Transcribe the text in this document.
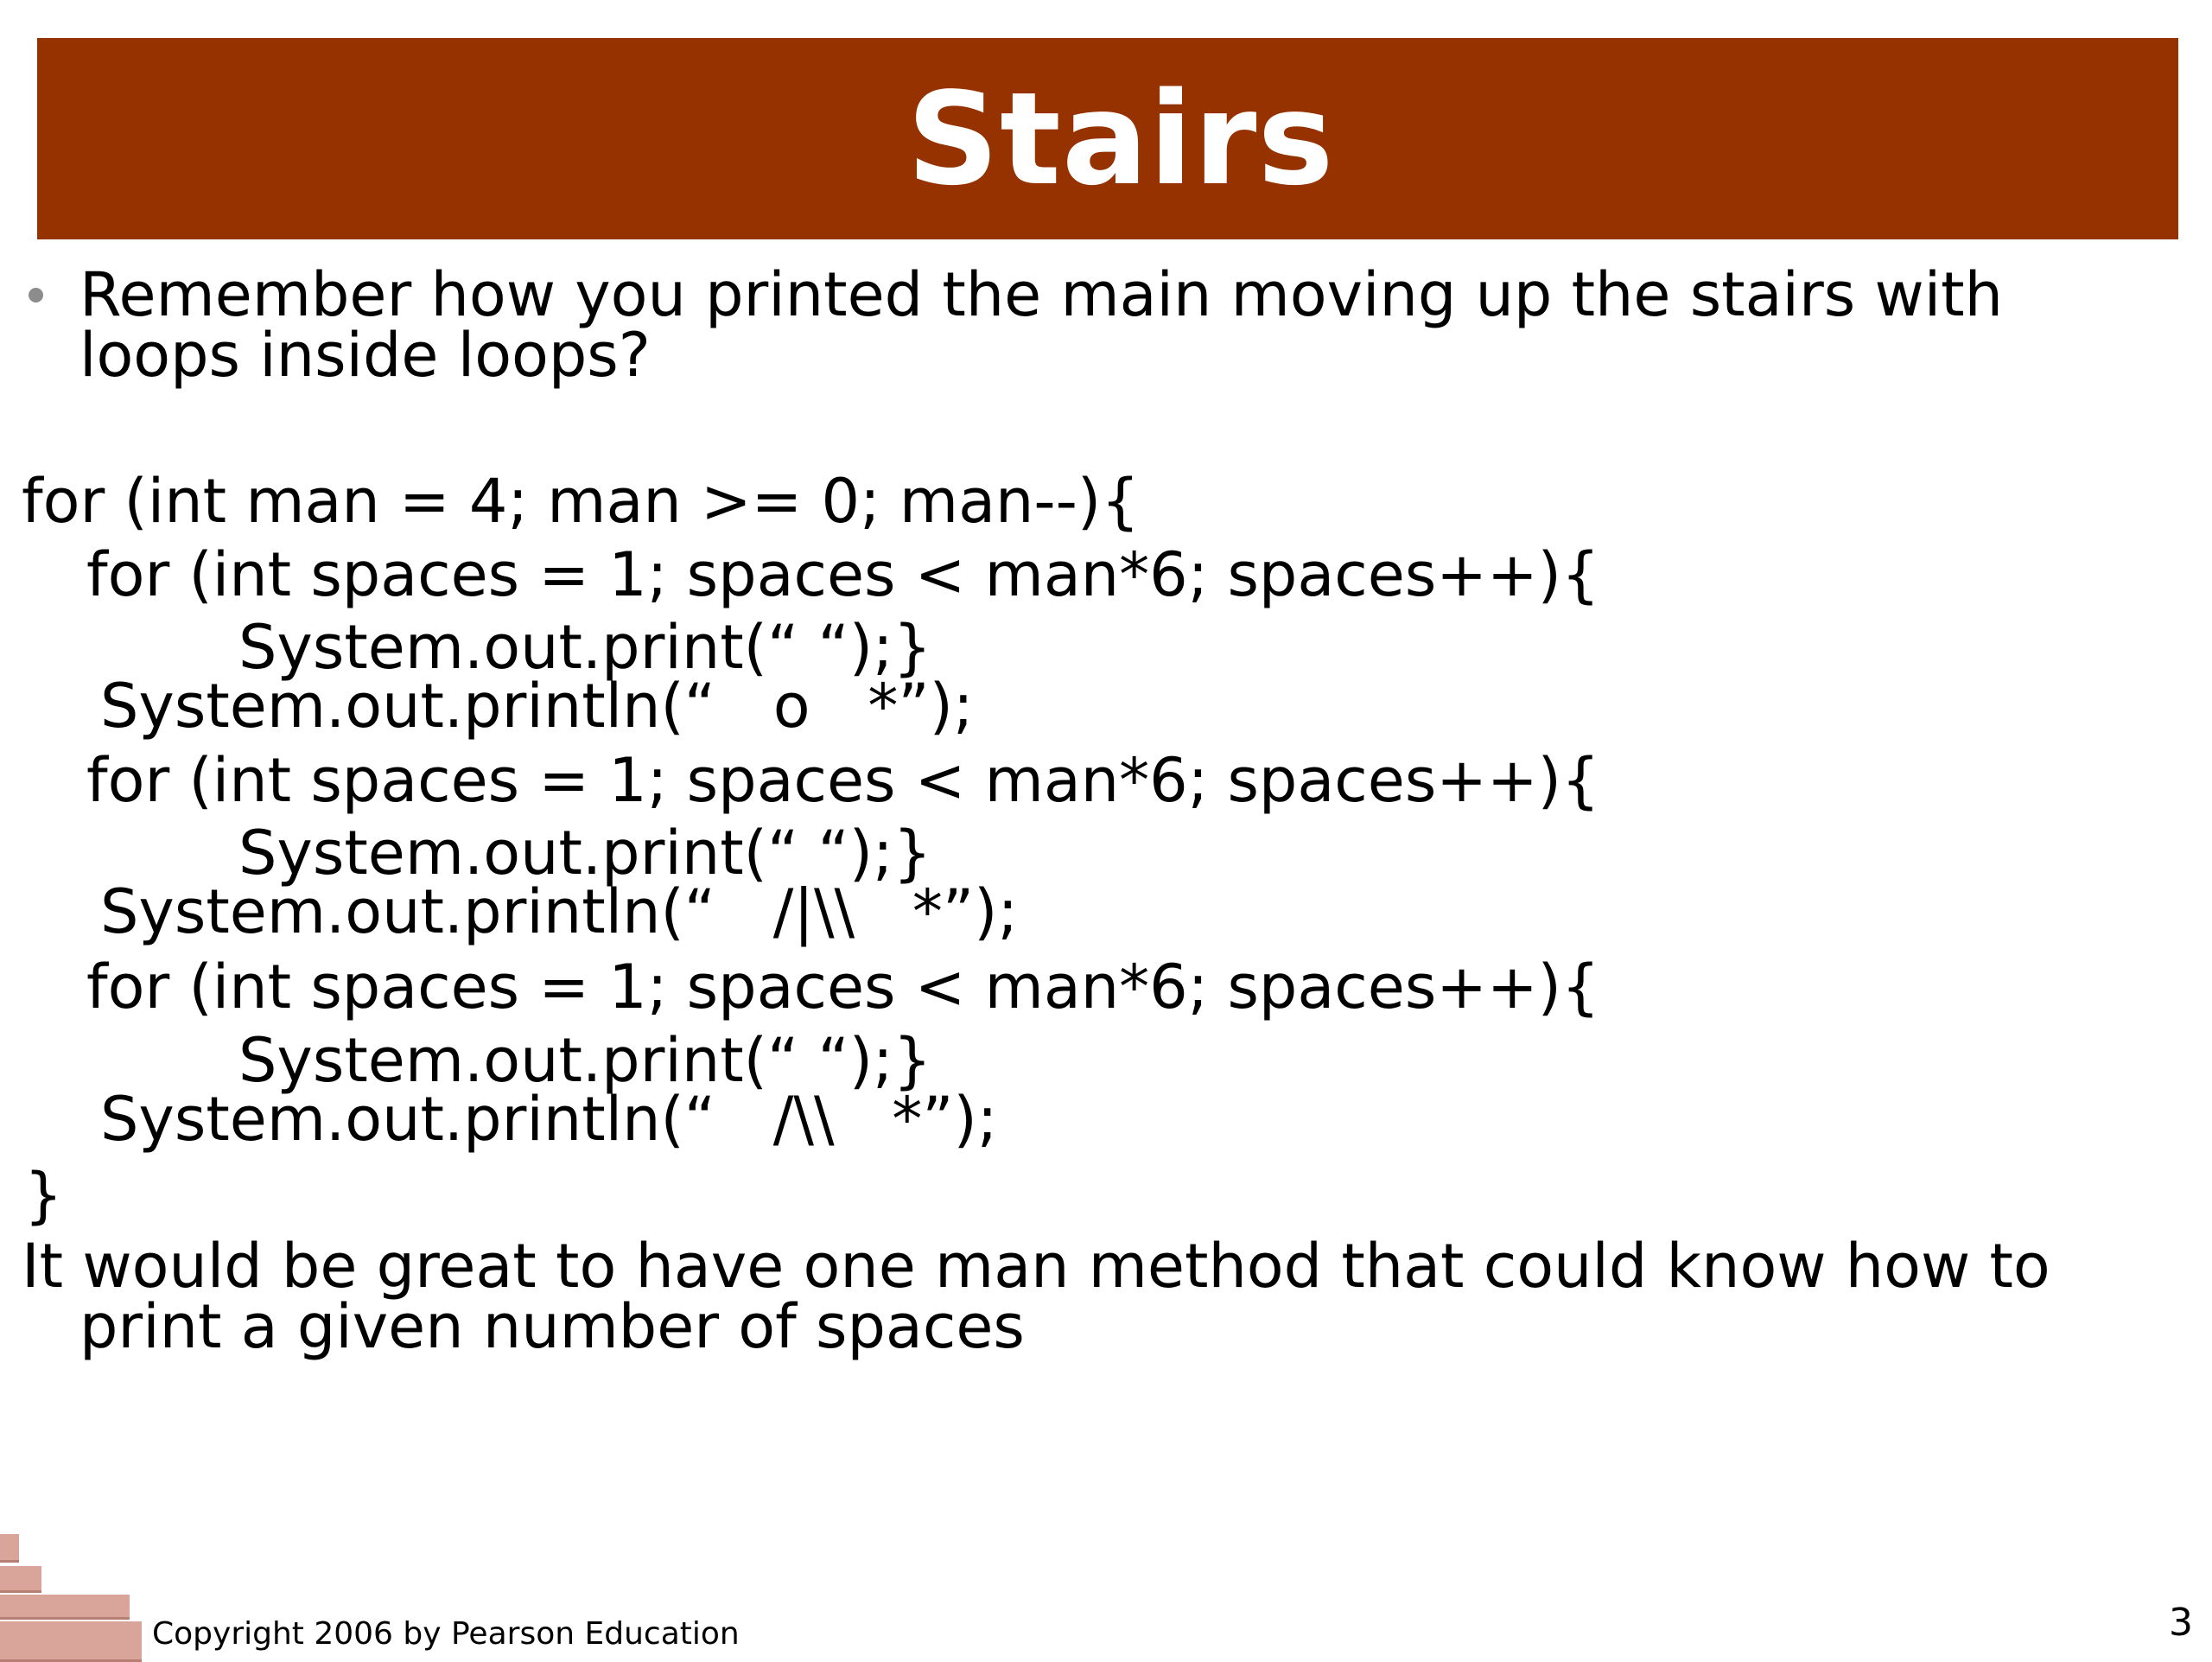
Stairs
Remember how you printed the main moving up the stairs with
loops inside loops?
for (int man = 4; man >= 0; man--){
for (int spaces = 1; spaces < man*6; spaces++){
System.out.print(“ “);}
System.out.println(“   o   *”);
for (int spaces = 1; spaces < man*6; spaces++){
System.out.print(“ “);}
System.out.println(“   /|\\   *”);
for (int spaces = 1; spaces < man*6; spaces++){
System.out.print(“ “);}
System.out.println(“   /\\   *”);
}
It would be great to have one man method that could know how to
print a given number of spaces
Copyright 2006 by Pearson Education	3
